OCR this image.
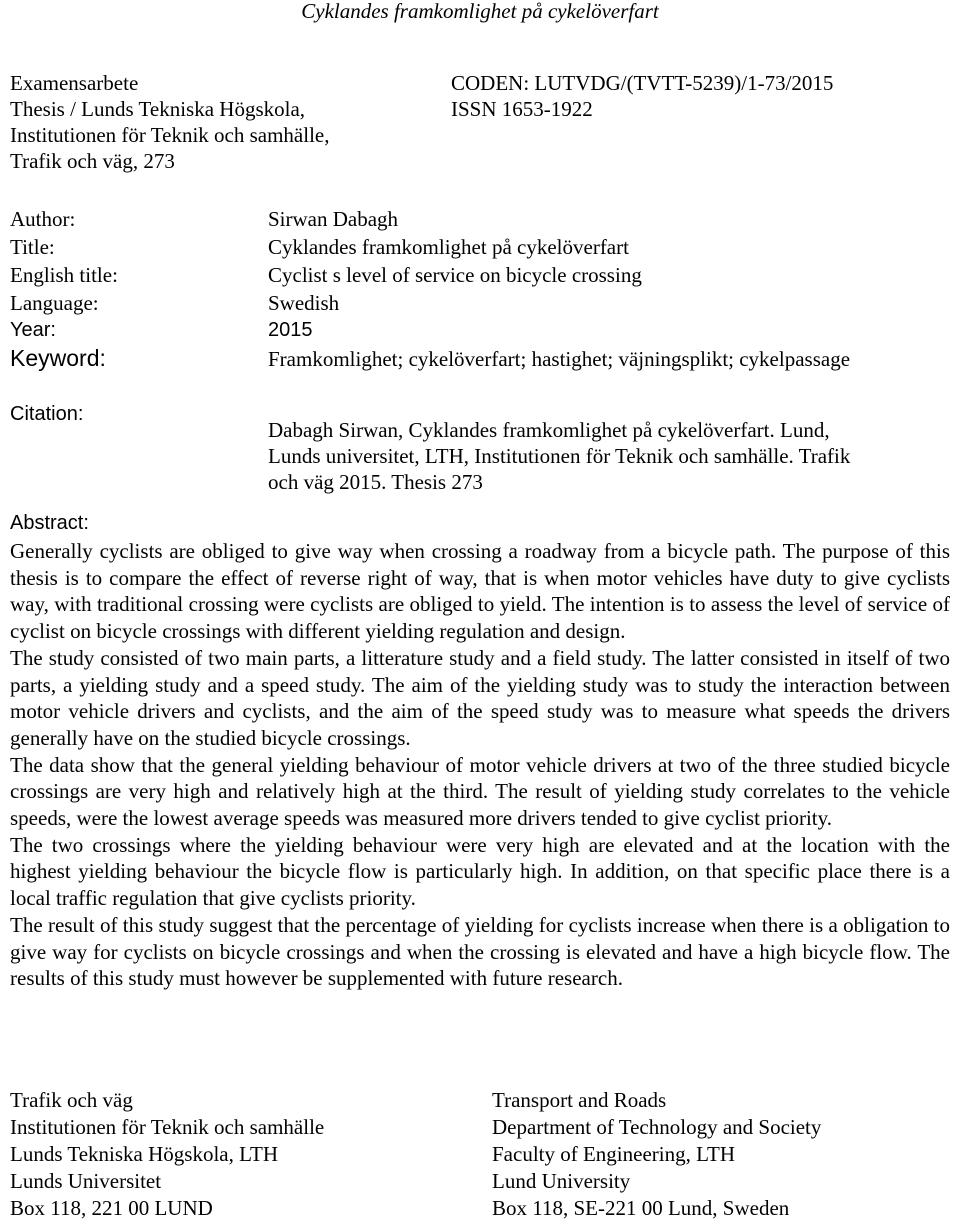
Cyklandes framkomlighet på cykelöverfart
Examensarbete
Thesis / Lunds Tekniska Högskola,
Institutionen för Teknik och samhälle,
Trafik och väg, 273
CODEN: LUTVDG/(TVTT-5239)/1-73/2015
ISSN 1653-1922
Author:	Sirwan Dabagh
Title:	Cyklandes framkomlighet på cykelöverfart
English title:	Cyclist s level of service on bicycle crossing
Language:	Swedish
Year:	2015
Keyword:	Framkomlighet; cykelöverfart; hastighet; väjningsplikt; cykelpassage
Citation:
Dabagh Sirwan, Cyklandes framkomlighet på cykelöverfart. Lund,
Lunds universitet, LTH, Institutionen för Teknik och samhälle. Trafik
och väg 2015. Thesis 273
Abstract:

Generally cyclists are obliged to give way when crossing a roadway from a bicycle path. The purpose of this thesis is to compare the effect of reverse right of way, that is when motor vehicles have duty to give cyclists way, with traditional crossing were cyclists are obliged to yield. The intention is to assess the level of service of cyclist on bicycle crossings with different yielding regulation and design.

The study consisted of two main parts, a litterature study and a field study. The latter consisted in itself of two parts, a yielding study and a speed study. The aim of the yielding study was to study the interaction between motor vehicle drivers and cyclists, and the aim of the speed study was to measure what speeds the drivers generally have on the studied bicycle crossings.

The data show that the general yielding behaviour of motor vehicle drivers at two of the three studied bicycle crossings are very high and relatively high at the third. The result of yielding study correlates to the vehicle speeds, were the lowest average speeds was measured more drivers tended to give cyclist priority.

The two crossings where the yielding behaviour were very high are elevated and at the location with the highest yielding behaviour the bicycle flow is particularly high. In addition, on that specific place there is a local traffic regulation that give cyclists priority.

The result of this study suggest that the percentage of yielding for cyclists increase when there is a obligation to give way for cyclists on bicycle crossings and when the crossing is elevated and have a high bicycle flow. The results of this study must however be supplemented with future research.

Trafik och väg
Institutionen för Teknik och samhälle
Lunds Tekniska Högskola, LTH
Lunds Universitet
Box 118, 221 00 LUND
Transport and Roads
Department of Technology and Society
Faculty of Engineering, LTH
Lund University
Box 118, SE-221 00 Lund, Sweden
